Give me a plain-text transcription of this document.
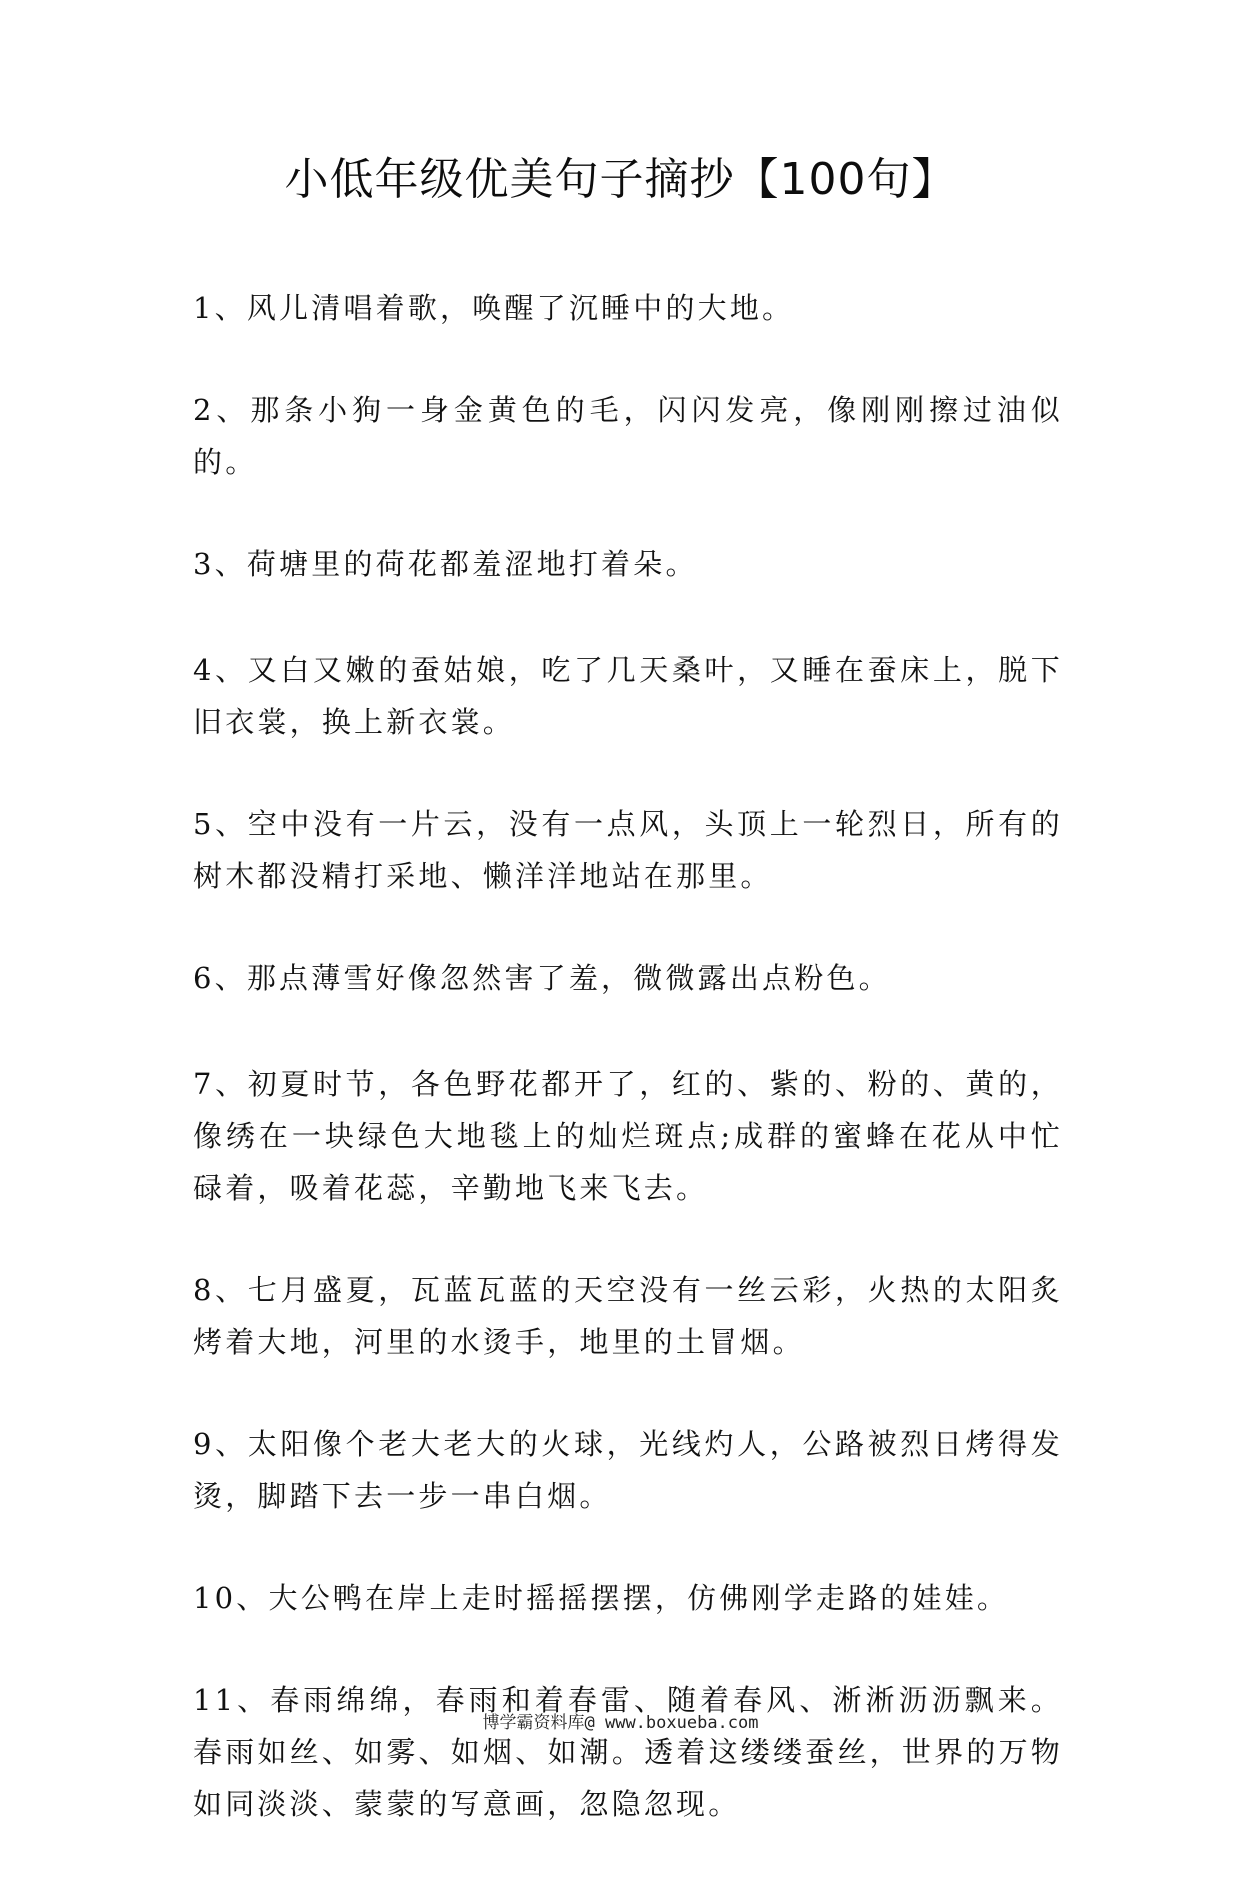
小低年级优美句子摘抄【100句】
1、风儿清唱着歌，唤醒了沉睡中的大地。
2、那条小狗一身金黄色的毛，闪闪发亮，像刚刚擦过油似的。
3、荷塘里的荷花都羞涩地打着朵。
4、又白又嫩的蚕姑娘，吃了几天桑叶，又睡在蚕床上，脱下旧衣裳，换上新衣裳。
5、空中没有一片云，没有一点风，头顶上一轮烈日，所有的树木都没精打采地、懒洋洋地站在那里。
6、那点薄雪好像忽然害了羞，微微露出点粉色。
7、初夏时节，各色野花都开了，红的、紫的、粉的、黄的，像绣在一块绿色大地毯上的灿烂斑点;成群的蜜蜂在花从中忙碌着，吸着花蕊，辛勤地飞来飞去。
8、七月盛夏，瓦蓝瓦蓝的天空没有一丝云彩，火热的太阳炙烤着大地，河里的水烫手，地里的土冒烟。
9、太阳像个老大老大的火球，光线灼人，公路被烈日烤得发烫，脚踏下去一步一串白烟。
10、大公鸭在岸上走时摇摇摆摆，仿佛刚学走路的娃娃。
11、春雨绵绵，春雨和着春雷、随着春风、淅淅沥沥飘来。春雨如丝、如雾、如烟、如潮。透着这缕缕蚕丝，世界的万物如同淡淡、蒙蒙的写意画，忽隐忽现。
博学霸资料库@ www.boxueba.com
